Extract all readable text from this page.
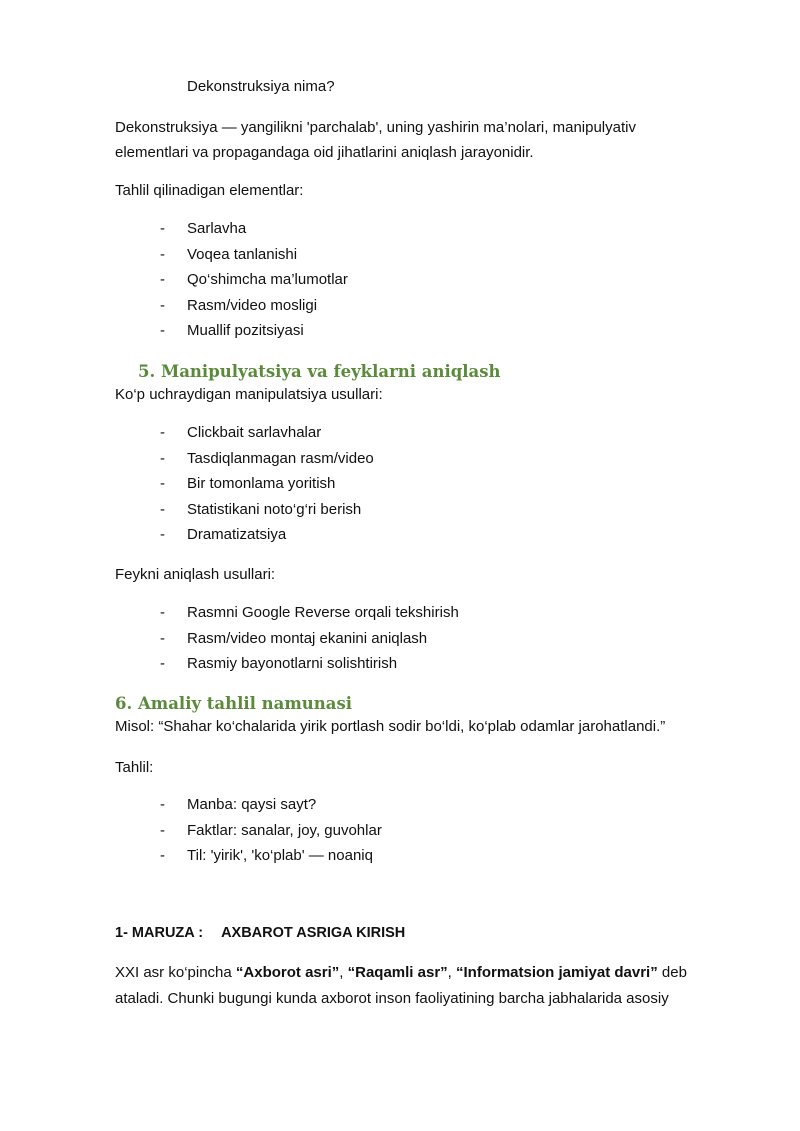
Dekonstruksiya nima?

Dekonstruksiya — yangilikni 'parchalab', uning yashirin ma’nolari, manipulyativ

elementlari va propagandaga oid jihatlarini aniqlash jarayonidir.

Tahlil qilinadigan elementlar:

-	Sarlavha
-	Voqea tanlanishi
-	Qo‘shimcha ma’lumotlar
-	Rasm/video mosligi
-	Muallif pozitsiyasi
5. Manipulyatsiya va feyklarni aniqlash

Ko‘p uchraydigan manipulatsiya usullari:

-	Clickbait sarlavhalar
-	Tasdiqlanmagan rasm/video
-	Bir tomonlama yoritish
-	Statistikani noto‘g‘ri berish
-	Dramatizatsiya

Feykni aniqlash usullari:

-	Rasmni Google Reverse orqali tekshirish
-	Rasm/video montaj ekanini aniqlash
-	Rasmiy bayonotlarni solishtirish
6. Amaliy tahlil namunasi

Misol: “Shahar ko‘chalarida yirik portlash sodir bo‘ldi, ko‘plab odamlar jarohatlandi.”

Tahlil:

-	Manba: qaysi sayt?
-	Faktlar: sanalar, joy, guvohlar
-	Til: 'yirik', 'ko‘plab' — noaniq

1- MARUZA : AXBAROT ASRIGA KIRISH

XXI asr ko‘pincha “Axborot asri”, “Raqamli asr”, “Informatsion jamiyat davri” deb

ataladi. Chunki bugungi kunda axborot inson faoliyatining barcha jabhalarida asosiy
